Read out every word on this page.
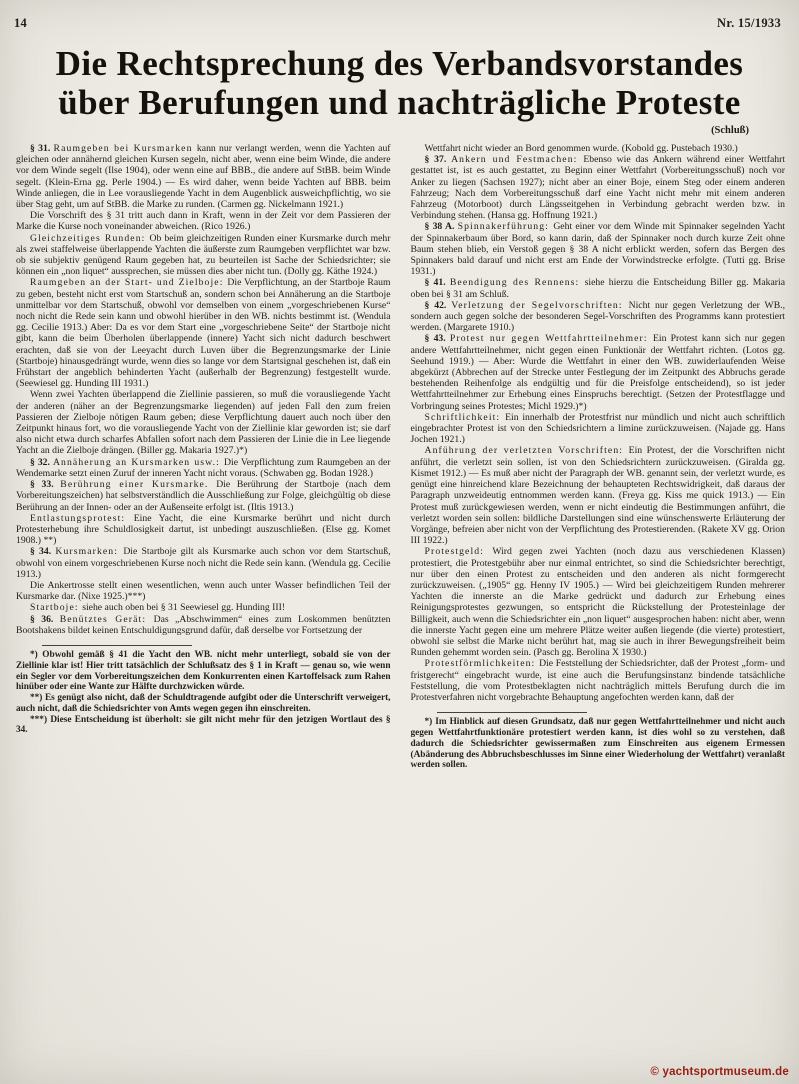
14	Nr. 15/1933
Die Rechtsprechung des Verbandsvorstandes
über Berufungen und nachträgliche Proteste
(Schluß)

§ 31. Raumgeben bei Kursmarken kann nur verlangt werden, wenn die Yachten auf gleichen oder annähernd gleichen Kursen segeln, nicht aber, wenn eine beim Winde, die andere vor dem Winde segelt (Ilse 1904), oder wenn eine auf BBB., die andere auf StBB. beim Winde segelt. (Klein-Erna gg. Perle 1904.) — Es wird daher, wenn beide Yachten auf BBB. beim Winde anliegen, die in Lee vorausliegende Yacht in dem Augenblick ausweichpflichtig, wo sie über Stag geht, um auf StBB. die Marke zu runden. (Carmen gg. Nickelmann 1921.)

Die Vorschrift des § 31 tritt auch dann in Kraft, wenn in der Zeit vor dem Passieren der Marke die Kurse noch voneinander abweichen. (Rico 1926.)

Gleichzeitiges Runden: Ob beim gleichzeitigen Runden einer Kursmarke durch mehr als zwei staffelweise überlappende Yachten die äußerste zum Raumgeben verpflichtet war bzw. ob sie subjektiv genügend Raum gegeben hat, zu beurteilen ist Sache der Schiedsrichter; sie können ein „non liquet“ aussprechen, sie müssen dies aber nicht tun. (Dolly gg. Käthe 1924.)

Raumgeben an der Start- und Zielboje: Die Verpflichtung, an der Startboje Raum zu geben, besteht nicht erst vom Startschuß an, sondern schon bei Annäherung an die Startboje unmittelbar vor dem Startschuß, obwohl vor demselben von einem „vorgeschriebenen Kurse“ noch nicht die Rede sein kann und obwohl hierüber in den WB. nichts bestimmt ist. (Wendula gg. Cecilie 1913.) Aber: Da es vor dem Start eine „vorgeschriebene Seite“ der Startboje nicht gibt, kann die beim Überholen überlappende (innere) Yacht sich nicht dadurch beschwert erachten, daß sie von der Leeyacht durch Luven über die Begrenzungsmarke der Linie (Startboje) hinausgedrängt wurde, wenn dies so lange vor dem Startsignal geschehen ist, daß ein Frühstart der angeblich behinderten Yacht (außerhalb der Begrenzung) festgestellt wurde. (Seewiesel gg. Hunding III 1931.)

Wenn zwei Yachten überlappend die Ziellinie passieren, so muß die vorausliegende Yacht der anderen (näher an der Begrenzungsmarke liegenden) auf jeden Fall den zum freien Passieren der Zielboje nötigen Raum geben; diese Verpflichtung dauert auch noch über den Zeitpunkt hinaus fort, wo die vorausliegende Yacht von der Ziellinie klar geworden ist; sie darf also nicht etwa durch scharfes Abfallen sofort nach dem Passieren der Linie die in Lee liegende Yacht an die Zielboje drängen. (Biller gg. Makaria 1927.)*)

§ 32. Annäherung an Kursmarken usw.: Die Verpflichtung zum Raumgeben an der Wendemarke setzt einen Zuruf der inneren Yacht nicht voraus. (Schwaben gg. Bodan 1928.)

§ 33. Berührung einer Kursmarke. Die Berührung der Startboje (nach dem Vorbereitungszeichen) hat selbstverständlich die Ausschließung zur Folge, gleichgültig ob diese Berührung an der Innen- oder an der Außenseite erfolgt ist. (Iltis 1913.)

Entlastungsprotest: Eine Yacht, die eine Kursmarke berührt und nicht durch Protesterhebung ihre Schuldlosigkeit dartut, ist unbedingt auszuschließen. (Else gg. Komet 1908.) **)

§ 34. Kursmarken: Die Startboje gilt als Kursmarke auch schon vor dem Startschuß, obwohl von einem vorgeschriebenen Kurse noch nicht die Rede sein kann. (Wendula gg. Cecilie 1913.)

Die Ankertrosse stellt einen wesentlichen, wenn auch unter Wasser befindlichen Teil der Kursmarke dar. (Nixe 1925.)***)

Startboje: siehe auch oben bei § 31 Seewiesel gg. Hunding III!

§ 36. Benütztes Gerät: Das „Abschwimmen“ eines zum Loskommen benützten Bootshakens bildet keinen Entschuldigungsgrund dafür, daß derselbe vor Fortsetzung der

*) Obwohl gemäß § 41 die Yacht den WB. nicht mehr unterliegt, sobald sie von der Ziellinie klar ist! Hier tritt tatsächlich der Schlußsatz des § 1 in Kraft — genau so, wie wenn ein Segler vor dem Vorbereitungszeichen dem Konkurrenten einen Kartoffelsack zum Rahen hinüber oder eine Wante zur Hälfte durchzwicken würde.

**) Es genügt also nicht, daß der Schuldtragende aufgibt oder die Unterschrift verweigert, auch nicht, daß die Schiedsrichter von Amts wegen gegen ihn einschreiten.

***) Diese Entscheidung ist überholt: sie gilt nicht mehr für den jetzigen Wortlaut des § 34.

Wettfahrt nicht wieder an Bord genommen wurde. (Kobold gg. Pustebach 1930.)

§ 37. Ankern und Festmachen: Ebenso wie das Ankern während einer Wettfahrt gestattet ist, ist es auch gestattet, zu Beginn einer Wettfahrt (Vorbereitungsschuß) noch vor Anker zu liegen (Sachsen 1927); nicht aber an einer Boje, einem Steg oder einem anderen Fahrzeug; Nach dem Vorbereitungsschuß darf eine Yacht nicht mehr mit einem anderen Fahrzeug (Motorboot) durch Längsseitgehen in Verbindung gebracht werden bzw. in Verbindung stehen. (Hansa gg. Hoffnung 1921.)

§ 38 A. Spinnakerführung: Geht einer vor dem Winde mit Spinnaker segelnden Yacht der Spinnakerbaum über Bord, so kann darin, daß der Spinnaker noch durch kurze Zeit ohne Baum stehen blieb, ein Verstoß gegen § 38 A nicht erblickt werden, sofern das Bergen des Spinnakers bald darauf und nicht erst am Ende der Vorwindstrecke erfolgte. (Tutti gg. Brise 1931.)

§ 41. Beendigung des Rennens: siehe hierzu die Entscheidung Biller gg. Makaria oben bei § 31 am Schluß.

§ 42. Verletzung der Segelvorschriften: Nicht nur gegen Verletzung der WB., sondern auch gegen solche der besonderen Segel-Vorschriften des Programms kann protestiert werden. (Margarete 1910.)

§ 43. Protest nur gegen Wettfahrtteilnehmer: Ein Protest kann sich nur gegen andere Wettfahrtteilnehmer, nicht gegen einen Funktionär der Wettfahrt richten. (Lotos gg. Seehund 1919.) — Aber: Wurde die Wettfahrt in einer den WB. zuwiderlaufenden Weise abgekürzt (Abbrechen auf der Strecke unter Festlegung der im Zeitpunkt des Abbruchs gerade bestehenden Reihenfolge als endgültig und für die Preisfolge entscheidend), so ist jeder Wettfahrtteilnehmer zur Erhebung eines Einspruchs berechtigt. (Setzen der Protestflagge und Vorbringung seines Protestes; Michl 1929.)*)

Schriftlichkeit: Ein innerhalb der Protestfrist nur mündlich und nicht auch schriftlich eingebrachter Protest ist von den Schiedsrichtern a limine zurückzuweisen. (Najade gg. Hans Jochen 1921.)

Anführung der verletzten Vorschriften: Ein Protest, der die Vorschriften nicht anführt, die verletzt sein sollen, ist von den Schiedsrichtern zurückzuweisen. (Giralda gg. Kismet 1912.) — Es muß aber nicht der Paragraph der WB. genannt sein, der verletzt wurde, es genügt eine hinreichend klare Bezeichnung der behaupteten Rechtswidrigkeit, daß daraus der Paragraph unzweideutig entnommen werden kann. (Freya gg. Kiss me quick 1913.) — Ein Protest muß zurückgewiesen werden, wenn er nicht eindeutig die Bestimmungen anführt, die verletzt worden sein sollen: bildliche Darstellungen sind eine wünschenswerte Erläuterung der Vorgänge, befreien aber nicht von der Verpflichtung des Protestierenden. (Rakete XV gg. Orion III 1922.)

Protestgeld: Wird gegen zwei Yachten (noch dazu aus verschiedenen Klassen) protestiert, die Protestgebühr aber nur einmal entrichtet, so sind die Schiedsrichter berechtigt, nur über den einen Protest zu entscheiden und den anderen als nicht formgerecht zurückzuweisen. („1905“ gg. Henny IV 1905.) — Wird bei gleichzeitigem Runden mehrerer Yachten die innerste an die Marke gedrückt und dadurch zur Erhebung eines Reinigungsprotestes gezwungen, so entspricht die Rückstellung der Protesteinlage der Billigkeit, auch wenn die Schiedsrichter ein „non liquet“ ausgesprochen haben: nicht aber, wenn die innerste Yacht gegen eine um mehrere Plätze weiter außen liegende (die vierte) protestiert, obwohl sie selbst die Marke nicht berührt hat, mag sie auch in ihrer Bewegungsfreiheit beim Runden gehemmt worden sein. (Pasch gg. Berolina X 1930.)

Protestförmlichkeiten: Die Feststellung der Schiedsrichter, daß der Protest „form- und fristgerecht“ eingebracht wurde, ist eine auch die Berufungsinstanz bindende tatsächliche Feststellung, die vom Protestbeklagten nicht nachträglich mittels Berufung durch die im Protestverfahren nicht vorgebrachte Behauptung angefochten werden kann, daß der

*) Im Hinblick auf diesen Grundsatz, daß nur gegen Wettfahrtteilnehmer und nicht auch gegen Wettfahrtfunktionäre protestiert werden kann, ist dies wohl so zu verstehen, daß dadurch die Schiedsrichter gewissermaßen zum Einschreiten aus eigenem Ermessen (Abänderung des Abbruchsbeschlusses im Sinne einer Wiederholung der Wettfahrt) veranlaßt werden sollen.

© yachtsportmuseum.de
